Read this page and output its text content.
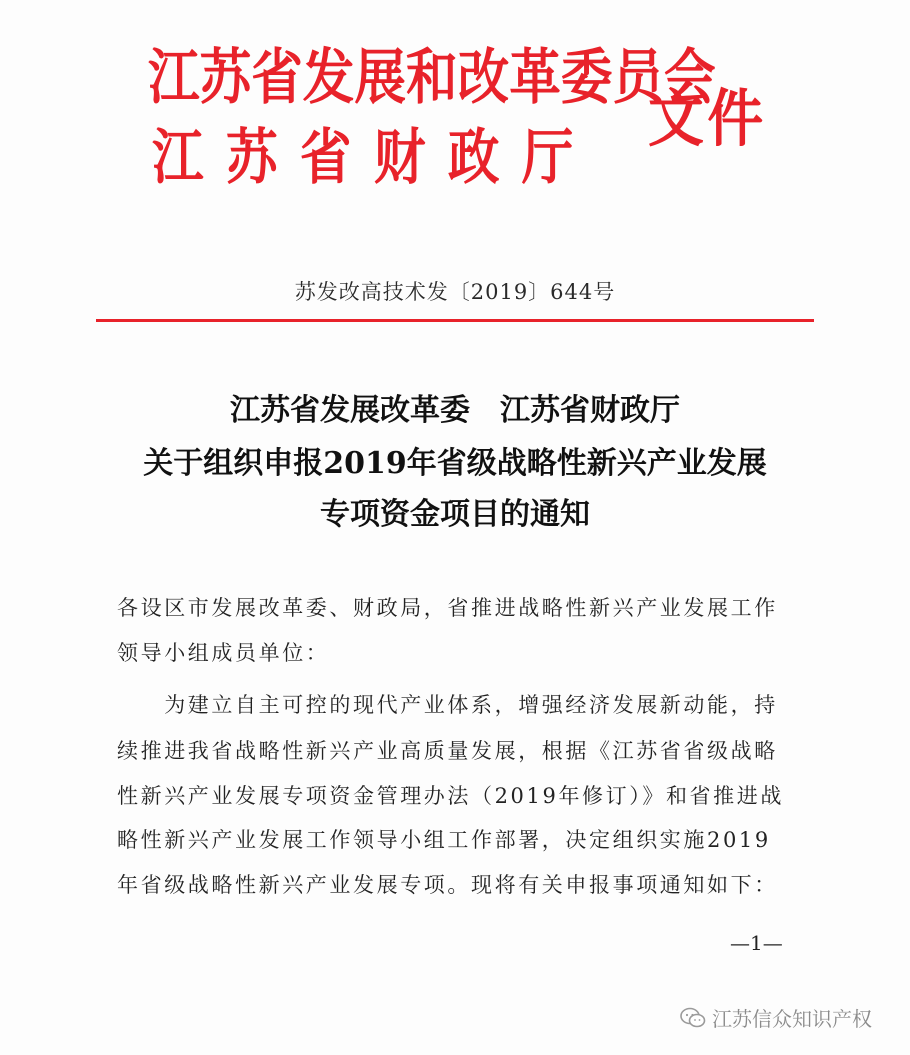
江苏省发展和改革委员会
江苏省财政厅
文件
苏发改高技术发〔2019〕644号
江苏省发展改革委　江苏省财政厅
关于组织申报2019年省级战略性新兴产业发展
专项资金项目的通知
各设区市发展改革委、财政局，省推进战略性新兴产业发展工作
领导小组成员单位：
　　为建立自主可控的现代产业体系，增强经济发展新动能，持
续推进我省战略性新兴产业高质量发展，根据《江苏省省级战略
性新兴产业发展专项资金管理办法（2019年修订）》和省推进战
略性新兴产业发展工作领导小组工作部署，决定组织实施2019
年省级战略性新兴产业发展专项。现将有关申报事项通知如下：
—1—
江苏信众知识产权
